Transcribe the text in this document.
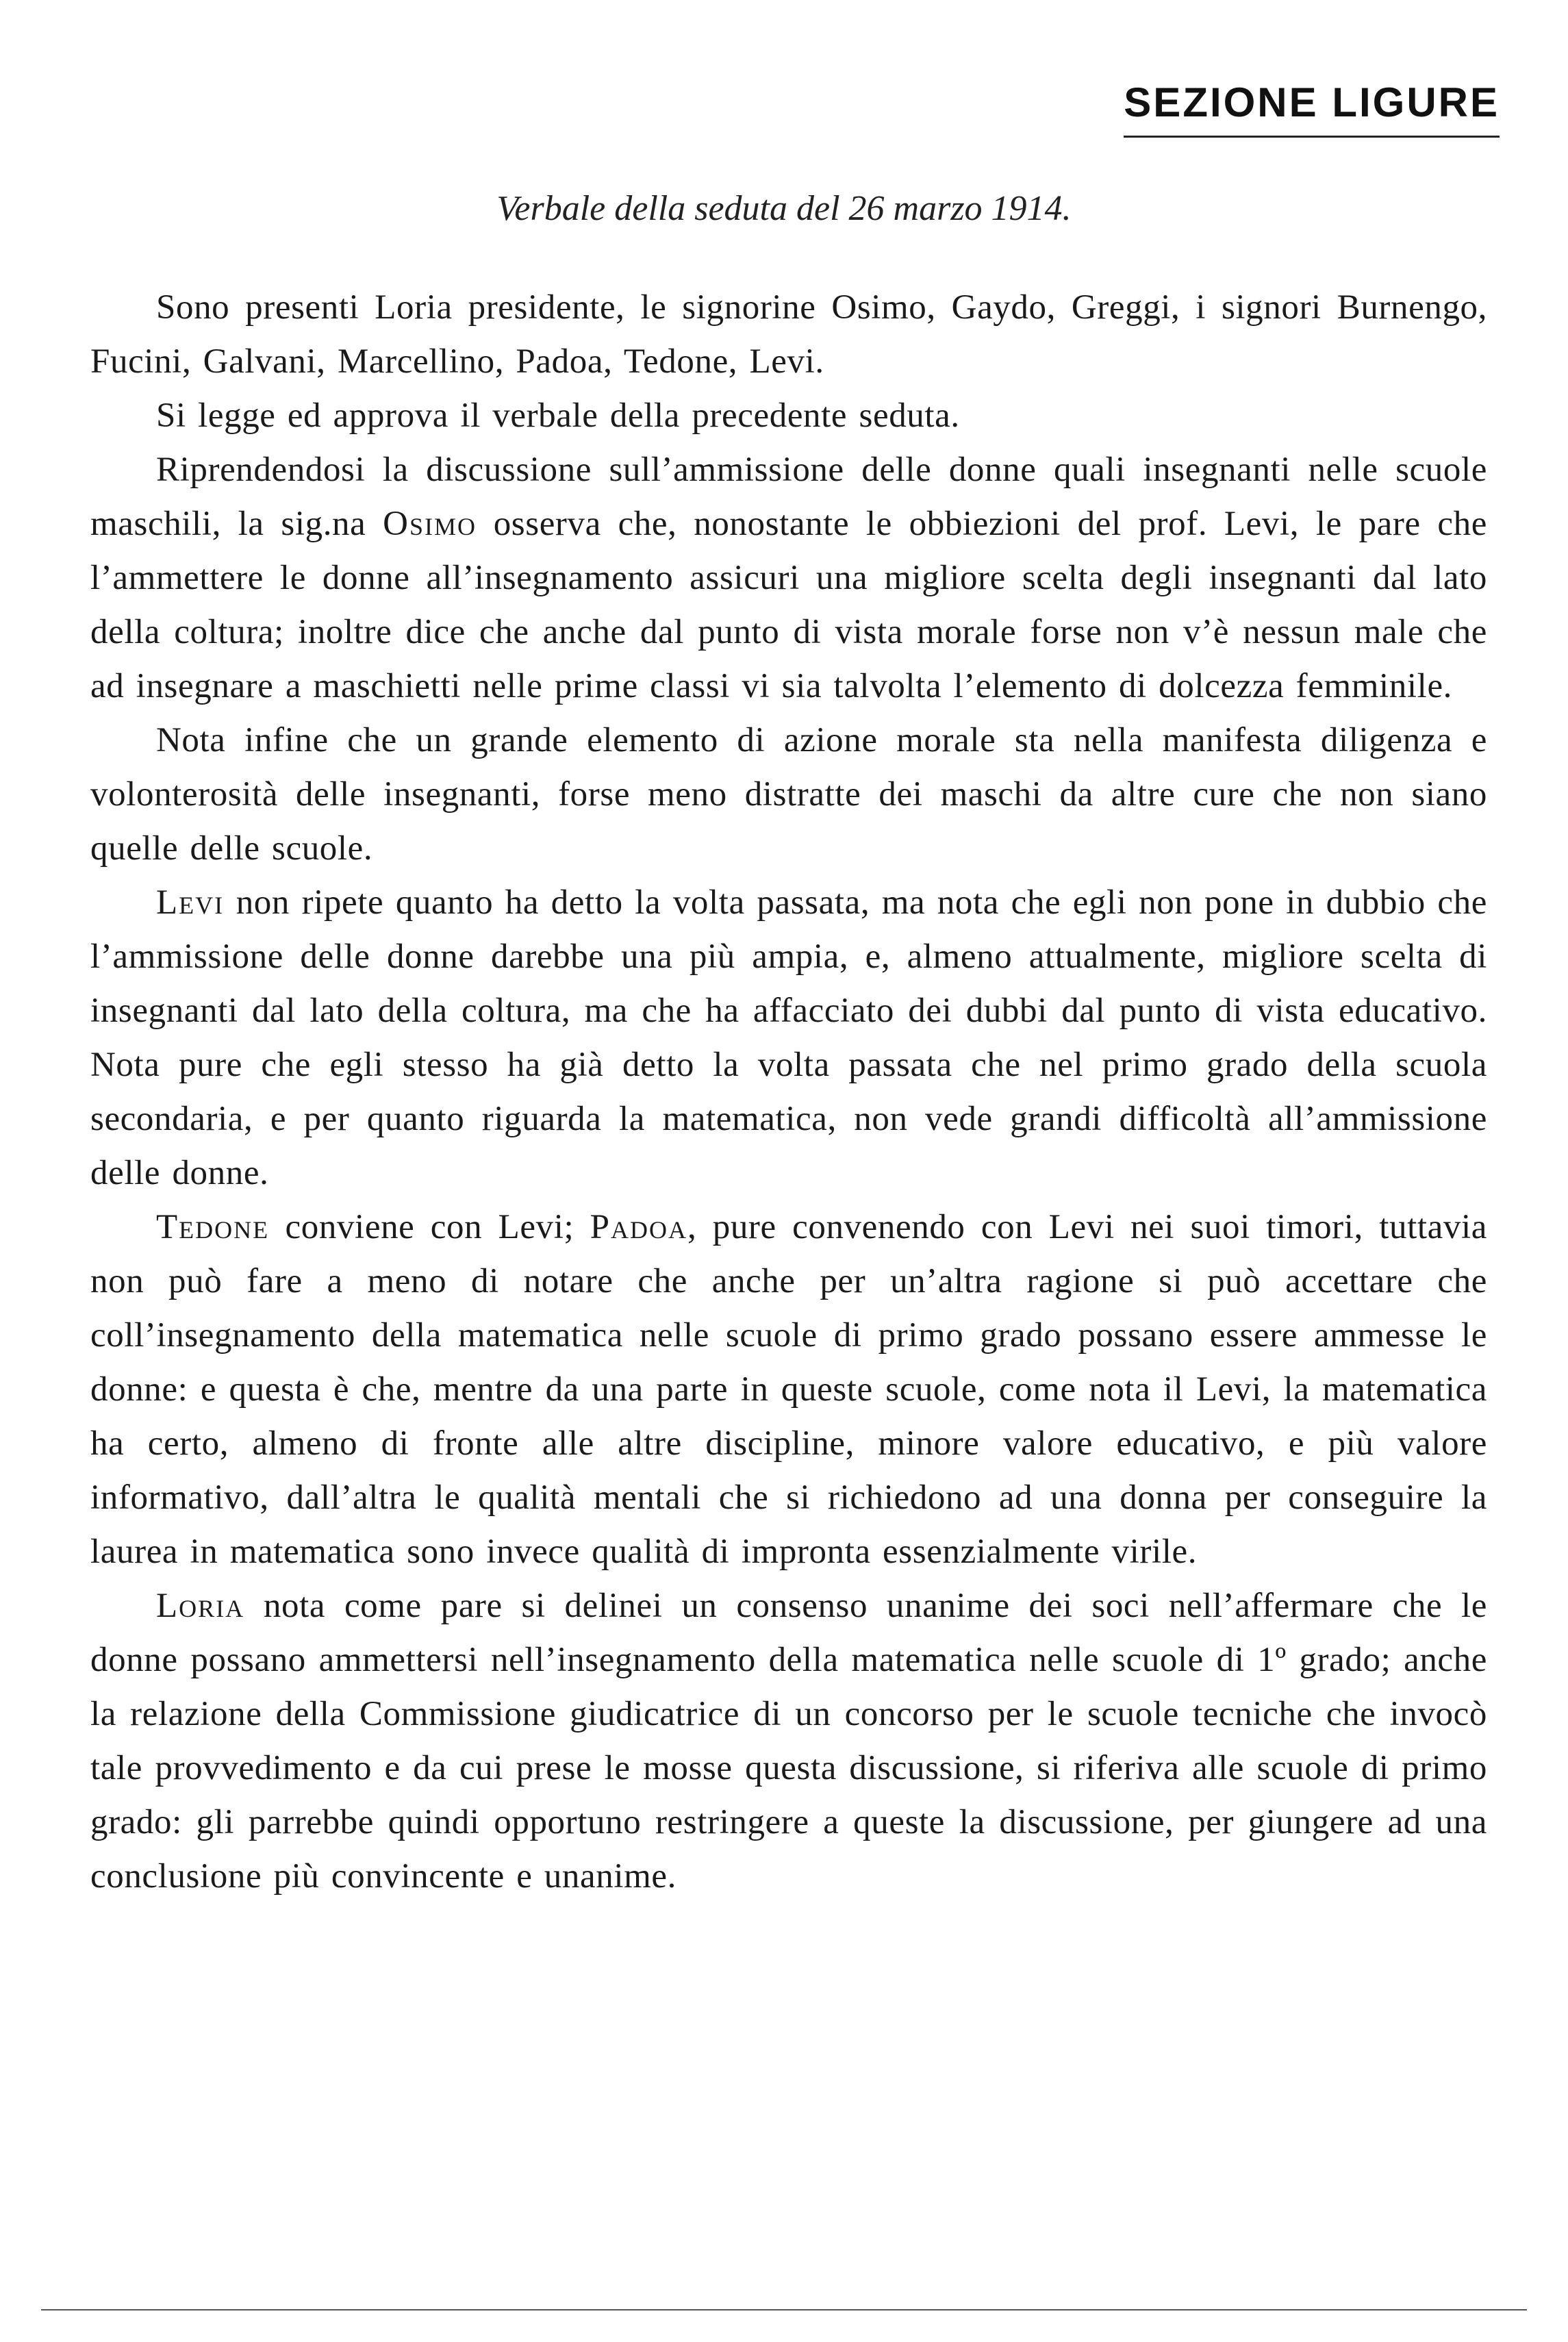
SEZIONE LIGURE
Verbale della seduta del 26 marzo 1914.

Sono presenti Loria presidente, le signorine Osimo, Gaydo, Greggi, i signori Burnengo, Fucini, Galvani, Marcellino, Padoa, Tedone, Levi.

Si legge ed approva il verbale della precedente seduta.

Riprendendosi la discussione sull’ammissione delle donne quali insegnanti nelle scuole maschili, la sig.na Osimo osserva che, nonostante le obbiezioni del prof. Levi, le pare che l’ammettere le donne all’insegnamento assicuri una migliore scelta degli insegnanti dal lato della coltura; inoltre dice che anche dal punto di vista morale forse non v’è nessun male che ad insegnare a maschietti nelle prime classi vi sia talvolta l’elemento di dolcezza femminile.

Nota infine che un grande elemento di azione morale sta nella manifesta diligenza e volonterosità delle insegnanti, forse meno distratte dei maschi da altre cure che non siano quelle delle scuole.

Levi non ripete quanto ha detto la volta passata, ma nota che egli non pone in dubbio che l’ammissione delle donne darebbe una più ampia, e, almeno attualmente, migliore scelta di insegnanti dal lato della coltura, ma che ha affacciato dei dubbi dal punto di vista educativo. Nota pure che egli stesso ha già detto la volta passata che nel primo grado della scuola secondaria, e per quanto riguarda la matematica, non vede grandi difficoltà all’ammissione delle donne.

Tedone conviene con Levi; Padoa, pure convenendo con Levi nei suoi timori, tuttavia non può fare a meno di notare che anche per un’altra ragione si può accettare che coll’insegnamento della matematica nelle scuole di primo grado possano essere ammesse le donne: e questa è che, mentre da una parte in queste scuole, come nota il Levi, la matematica ha certo, almeno di fronte alle altre discipline, minore valore educativo, e più valore informativo, dall’altra le qualità mentali che si richiedono ad una donna per conseguire la laurea in matematica sono invece qualità di impronta essenzialmente virile.

Loria nota come pare si delinei un consenso unanime dei soci nell’affermare che le donne possano ammettersi nell’insegnamento della matematica nelle scuole di 1º grado; anche la relazione della Commissione giudicatrice di un concorso per le scuole tecniche che invocò tale provvedimento e da cui prese le mosse questa discussione, si riferiva alle scuole di primo grado: gli parrebbe quindi opportuno restringere a queste la discussione, per giungere ad una conclusione più convincente e unanime.
